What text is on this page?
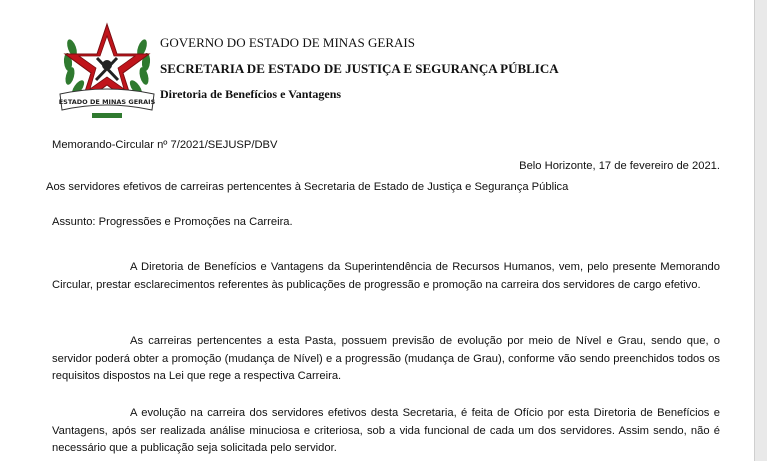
ESTADO DE MINAS GERAIS
GOVERNO DO ESTADO DE MINAS GERAIS
SECRETARIA DE ESTADO DE JUSTIÇA E SEGURANÇA PÚBLICA
Diretoria de Benefícios e Vantagens
Memorando-Circular nº 7/2021/SEJUSP/DBV
Belo Horizonte, 17 de fevereiro de 2021.
Aos servidores efetivos de carreiras pertencentes à Secretaria de Estado de Justiça e Segurança Pública
Assunto: Progressões e Promoções na Carreira.
A Diretoria de Benefícios e Vantagens da Superintendência de Recursos Humanos, vem, pelo presente Memorando Circular, prestar esclarecimentos referentes às publicações de progressão e promoção na carreira dos servidores de cargo efetivo.
As carreiras pertencentes a esta Pasta, possuem previsão de evolução por meio de Nível e Grau, sendo que, o servidor poderá obter a promoção (mudança de Nível) e a progressão (mudança de Grau), conforme vão sendo preenchidos todos os requisitos dispostos na Lei que rege a respectiva Carreira.
A evolução na carreira dos servidores efetivos desta Secretaria, é feita de Ofício por esta Diretoria de Benefícios e Vantagens, após ser realizada análise minuciosa e criteriosa, sob a vida funcional de cada um dos servidores. Assim sendo, não é necessário que a publicação seja solicitada pelo servidor.
